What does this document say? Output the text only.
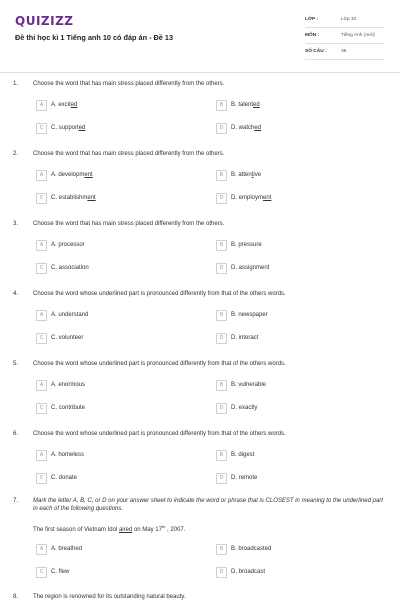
QUIZIZZ
Đề thi học kì 1 Tiếng anh 10 có đáp án - Đề 13
LỚP :	Lớp 10
MÔN :	Tiếng Anh (mới)
SỐ CÂU :	38
1. Choose the word that has main stress placed differently from the others.
A	A. excited	B	B. talented
C	C. supported	D	D. watched
2. Choose the word that has main stress placed differently from the others.
A	A. development	B	B. attentive
C	C. establishment	D	D. employment
3. Choose the word that has main stress placed differently from the others.
A	A. processor	B	B. pressure
C	C. association	D	D. assignment
4. Choose the word whose underlined part is pronounced differently from that of the others words.
A	A. understand	B	B. newspaper
C	C. volunteer	D	D. interact
5. Choose the word whose underlined part is pronounced differently from that of the others words.
A	A. enormous	B	B. vulnerable
C	C. contribute	D	D. exactly
6. Choose the word whose underlined part is pronounced differently from that of the others words.
A	A. homeless	B	B. digest
C	C. donate	D	D. remote
7. Mark the letter A, B, C, or D on your answer sheet to indicate the word or phrase that is CLOSEST in meaning to the underlined part in each of the following questions.
The first season of Vietnam Idol aired on May 17th , 2007.
A	A. breathed	B	B. broadcasted
C	C. flew	D	D. broadcast
8. The region is renowned for its outstanding natural beauty.
